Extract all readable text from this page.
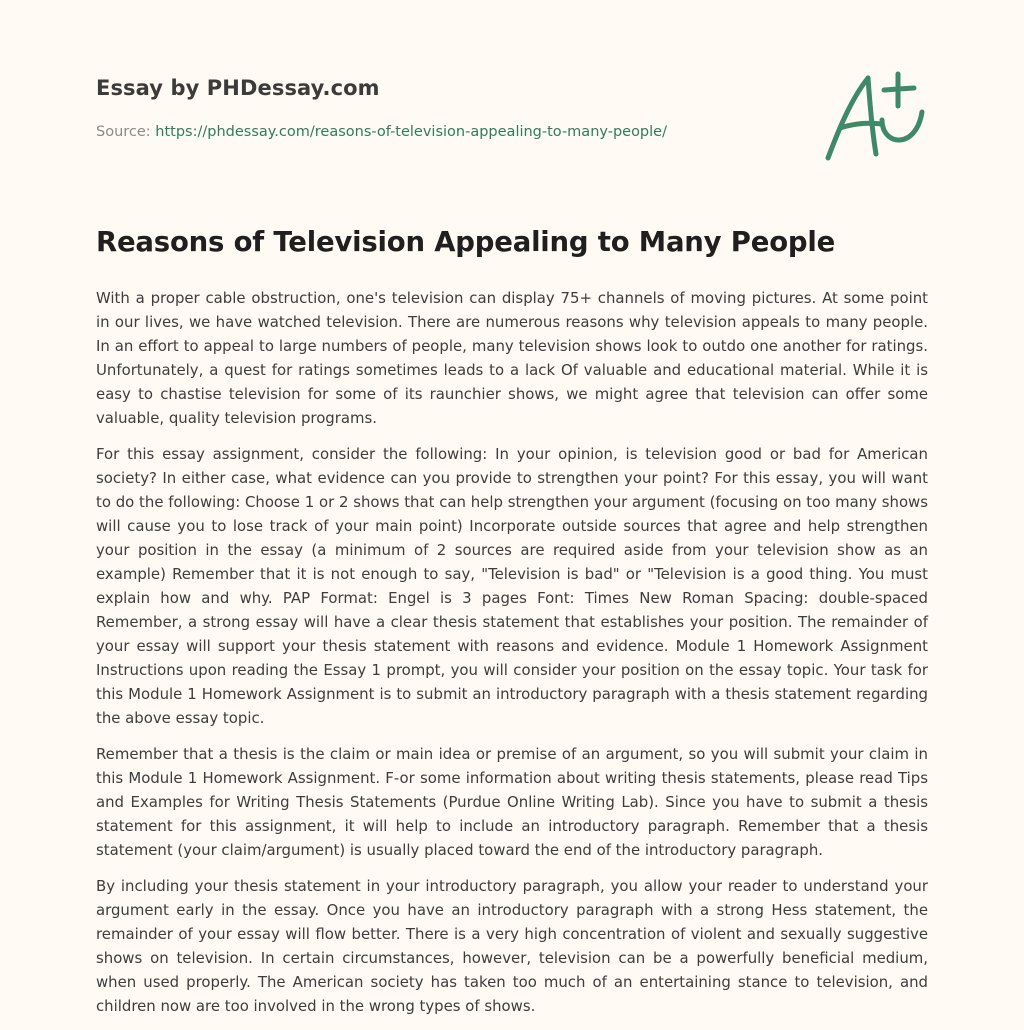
Essay by PHDessay.com

Source: https://phdessay.com/reasons-of-television-appealing-to-many-people/

Reasons of Television Appealing to Many People

With a proper cable obstruction, one's television can display 75+ channels of moving pictures. At some point in our lives, we have watched television. There are numerous reasons why television appeals to many people. In an effort to appeal to large numbers of people, many television shows look to outdo one another for ratings. Unfortunately, a quest for ratings sometimes leads to a lack Of valuable and educational material. While it is easy to chastise television for some of its raunchier shows, we might agree that television can offer some valuable, quality television programs.

For this essay assignment, consider the following: In your opinion, is television good or bad for American society? In either case, what evidence can you provide to strengthen your point? For this essay, you will want to do the following: Choose 1 or 2 shows that can help strengthen your argument (focusing on too many shows will cause you to lose track of your main point) Incorporate outside sources that agree and help strengthen your position in the essay (a minimum of 2 sources are required aside from your television show as an example) Remember that it is not enough to say, "Television is bad" or "Television is a good thing. You must explain how and why. PAP Format: Engel is 3 pages Font: Times New Roman Spacing: double-spaced Remember, a strong essay will have a clear thesis statement that establishes your position. The remainder of your essay will support your thesis statement with reasons and evidence. Module 1 Homework Assignment Instructions upon reading the Essay 1 prompt, you will consider your position on the essay topic. Your task for this Module 1 Homework Assignment is to submit an introductory paragraph with a thesis statement regarding the above essay topic.

Remember that a thesis is the claim or main idea or premise of an argument, so you will submit your claim in this Module 1 Homework Assignment. F-or some information about writing thesis statements, please read Tips and Examples for Writing Thesis Statements (Purdue Online Writing Lab). Since you have to submit a thesis statement for this assignment, it will help to include an introductory paragraph. Remember that a thesis statement (your claim/argument) is usually placed toward the end of the introductory paragraph.

By including your thesis statement in your introductory paragraph, you allow your reader to understand your argument early in the essay. Once you have an introductory paragraph with a strong Hess statement, the remainder of your essay will flow better. There is a very high concentration of violent and sexually suggestive shows on television. In certain circumstances, however, television can be a powerfully beneficial medium, when used properly. The American society has taken too much of an entertaining stance to television, and children now are too involved in the wrong types of shows.
